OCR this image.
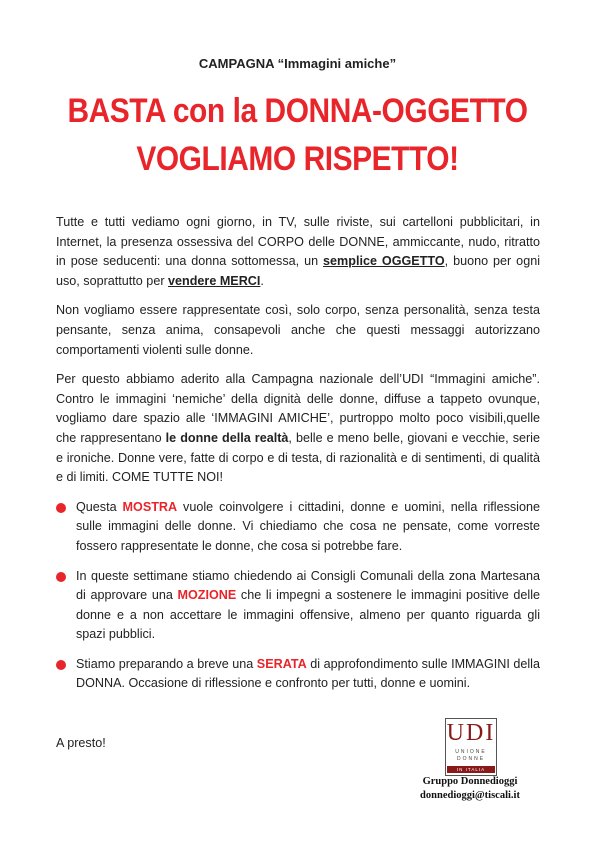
CAMPAGNA “Immagini amiche”
BASTA con la DONNA-OGGETTO
VOGLIAMO RISPETTO!

Tutte e tutti vediamo ogni giorno, in TV, sulle riviste, sui cartelloni pubblicitari, in Internet, la presenza ossessiva del CORPO delle DONNE, ammiccante, nudo, ritratto in pose seducenti: una donna sottomessa, un semplice OGGETTO, buono per ogni uso, soprattutto per vendere MERCI.

Non vogliamo essere rappresentate così, solo corpo, senza personalità, senza testa pensante, senza anima, consapevoli anche che questi messaggi autorizzano comportamenti violenti sulle donne.

Per questo abbiamo aderito alla Campagna nazionale dell’UDI “Immagini amiche”. Contro le immagini ‘nemiche’ della dignità delle donne, diffuse a tappeto ovunque, vogliamo dare spazio alle ‘IMMAGINI AMICHE’, purtroppo molto poco visibili,quelle che rappresentano le donne della realtà, belle e meno belle, giovani e vecchie, serie e ironiche. Donne vere, fatte di corpo e di testa, di razionalità e di sentimenti, di qualità e di limiti. COME TUTTE NOI!

Questa MOSTRA vuole coinvolgere i cittadini, donne e uomini, nella riflessione sulle immagini delle donne. Vi chiediamo che cosa ne pensate, come vorreste fossero rappresentate le donne, che cosa si potrebbe fare.
In queste settimane stiamo chiedendo ai Consigli Comunali della zona Martesana di approvare una MOZIONE che li impegni a sostenere le immagini positive delle donne e a non accettare le immagini offensive, almeno per quanto riguarda gli spazi pubblici.
Stiamo preparando a breve una SERATA di approfondimento sulle IMMAGINI della DONNA. Occasione di riflessione e confronto per tutti, donne e uomini.
A presto!	UDI
UNIONE
DONNE
IN ITALIA
Gruppo Donnedioggi
donnedioggi@tiscali.it
